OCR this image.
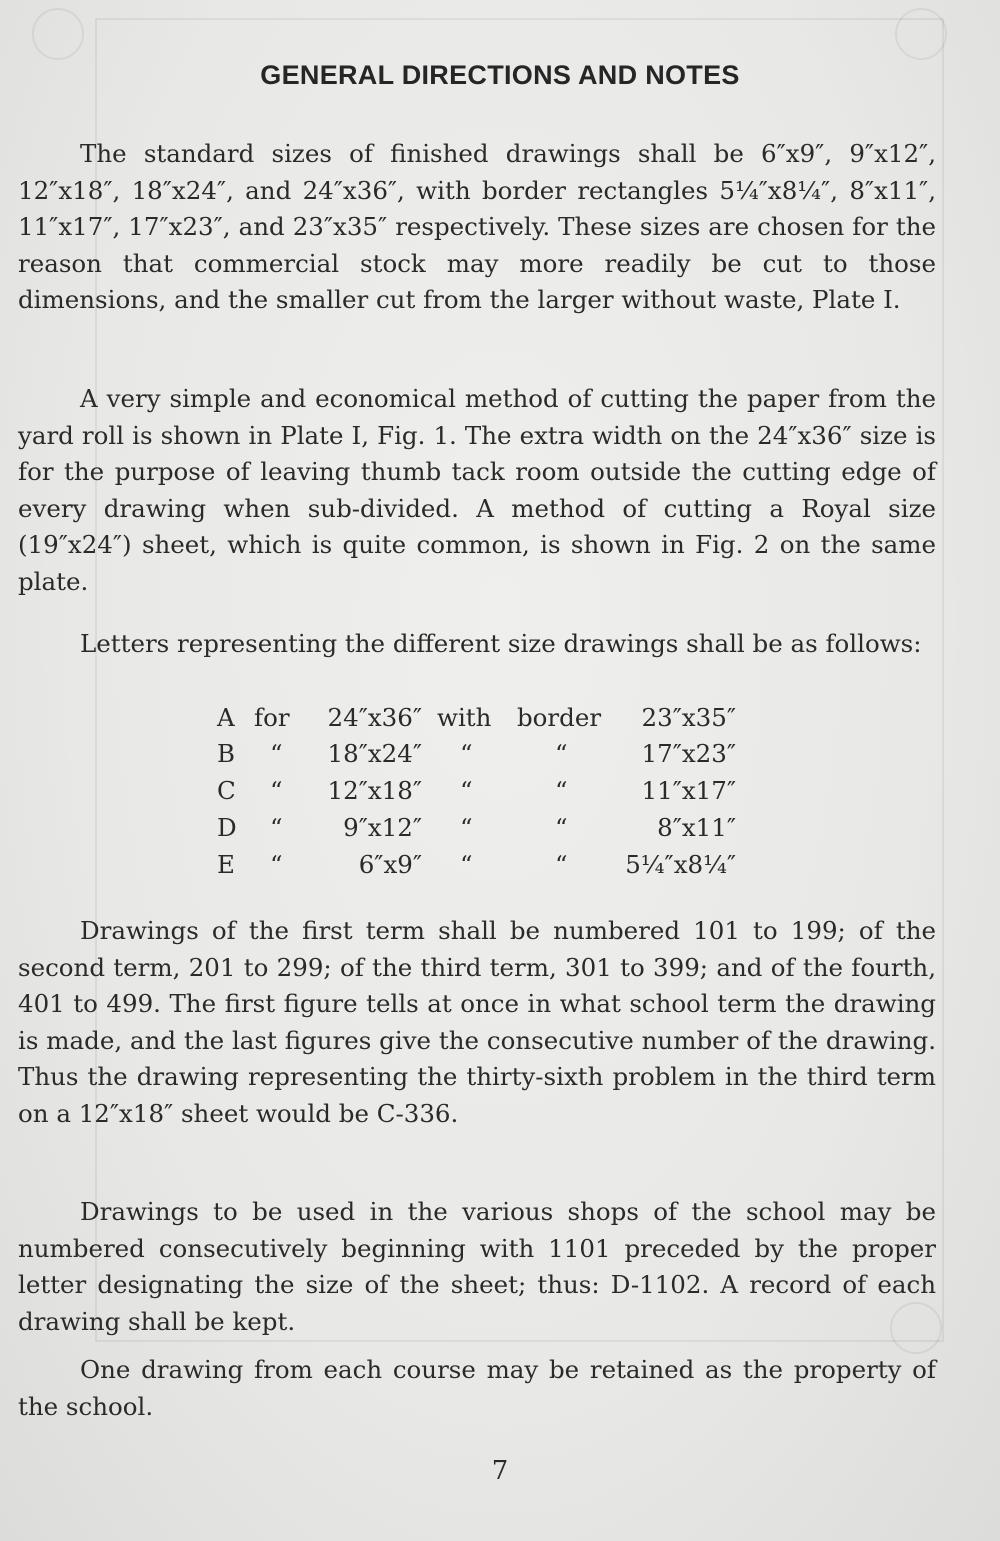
GENERAL DIRECTIONS AND NOTES
The standard sizes of finished drawings shall be 6″x9″, 9″x12″, 12″x18″, 18″x24″, and 24″x36″, with border rectangles 5¼″x8¼″, 8″x11″, 11″x17″, 17″x23″, and 23″x35″ respectively. These sizes are chosen for the reason that commercial stock may more readily be cut to those dimensions, and the smaller cut from the larger without waste, Plate I.
A very simple and economical method of cutting the paper from the yard roll is shown in Plate I, Fig. 1. The extra width on the 24″x36″ size is for the purpose of leaving thumb tack room outside the cutting edge of every drawing when sub-divided. A method of cutting a Royal size (19″x24″) sheet, which is quite common, is shown in Fig. 2 on the same plate.
Letters representing the different size drawings shall be as follows:
A for	24″x36″ with border	23″x35″
B “	18″x24″ “	“	17″x23″
C “	12″x18″ “	“	11″x17″
D “	9″x12″ “	“	8″x11″
E “	6″x9″ “	“	5¼″x8¼″
Drawings of the first term shall be numbered 101 to 199; of the second term, 201 to 299; of the third term, 301 to 399; and of the fourth, 401 to 499. The first figure tells at once in what school term the drawing is made, and the last figures give the consecutive number of the drawing. Thus the drawing representing the thirty-sixth problem in the third term on a 12″x18″ sheet would be C-336.
Drawings to be used in the various shops of the school may be numbered consecutively beginning with 1101 preceded by the proper letter designating the size of the sheet; thus: D-1102. A record of each drawing shall be kept.
One drawing from each course may be retained as the property of the school.
7
